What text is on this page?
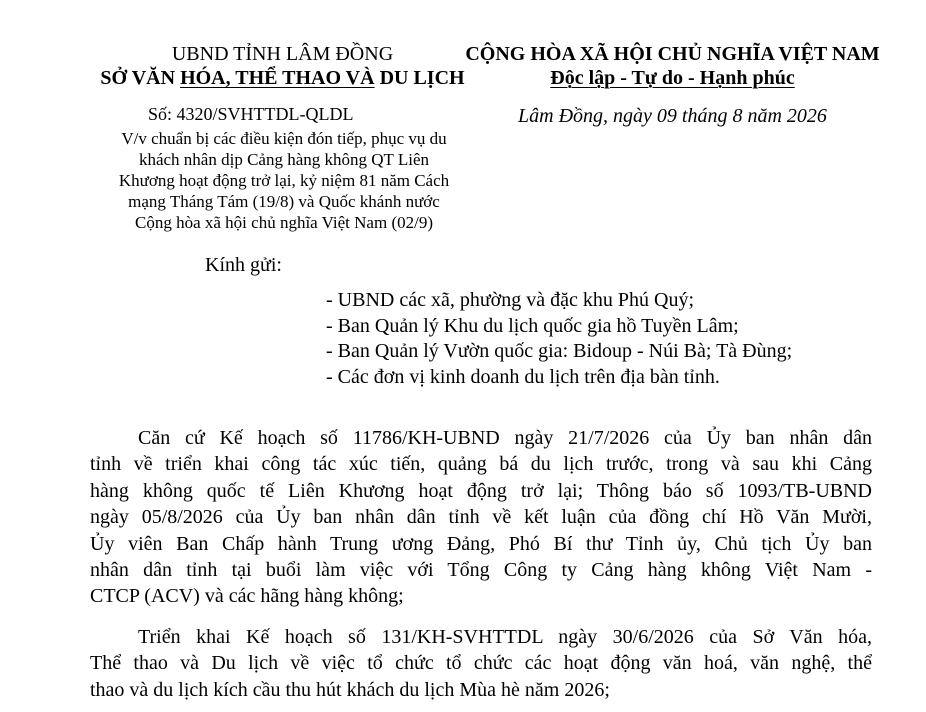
UBND TỈNH LÂM ĐỒNG
SỞ VĂN HÓA, THỂ THAO VÀ DU LỊCH
CỘNG HÒA XÃ HỘI CHỦ NGHĨA VIỆT NAM
Độc lập - Tự do - Hạnh phúc
Số: 4320/SVHTTDL-QLDL
V/v chuẩn bị các điều kiện đón tiếp, phục vụ du
khách nhân dịp Cảng hàng không QT Liên
Khương hoạt động trở lại, kỷ niệm 81 năm Cách
mạng Tháng Tám (19/8) và Quốc khánh nước
Cộng hòa xã hội chủ nghĩa Việt Nam (02/9)
Lâm Đồng, ngày 09 tháng 8 năm 2026
Kính gửi:
- UBND các xã, phường và đặc khu Phú Quý;
- Ban Quản lý Khu du lịch quốc gia hồ Tuyền Lâm;
- Ban Quản lý Vườn quốc gia: Bidoup - Núi Bà; Tà Đùng;
- Các đơn vị kinh doanh du lịch trên địa bàn tỉnh.
Căn cứ Kế hoạch số 11786/KH-UBND ngày 21/7/2026 của Ủy ban nhân dân
tỉnh về triển khai công tác xúc tiến, quảng bá du lịch trước, trong và sau khi Cảng
hàng không quốc tế Liên Khương hoạt động trở lại; Thông báo số 1093/TB-UBND
ngày 05/8/2026 của Ủy ban nhân dân tỉnh về kết luận của đồng chí Hồ Văn Mười,
Ủy viên Ban Chấp hành Trung ương Đảng, Phó Bí thư Tỉnh ủy, Chủ tịch Ủy ban
nhân dân tỉnh tại buổi làm việc với Tổng Công ty Cảng hàng không Việt Nam -
CTCP (ACV) và các hãng hàng không;
Triển khai Kế hoạch số 131/KH-SVHTTDL ngày 30/6/2026 của Sở Văn hóa,
Thể thao và Du lịch về việc tổ chức tổ chức các hoạt động văn hoá, văn nghệ, thể
thao và du lịch kích cầu thu hút khách du lịch Mùa hè năm 2026;
